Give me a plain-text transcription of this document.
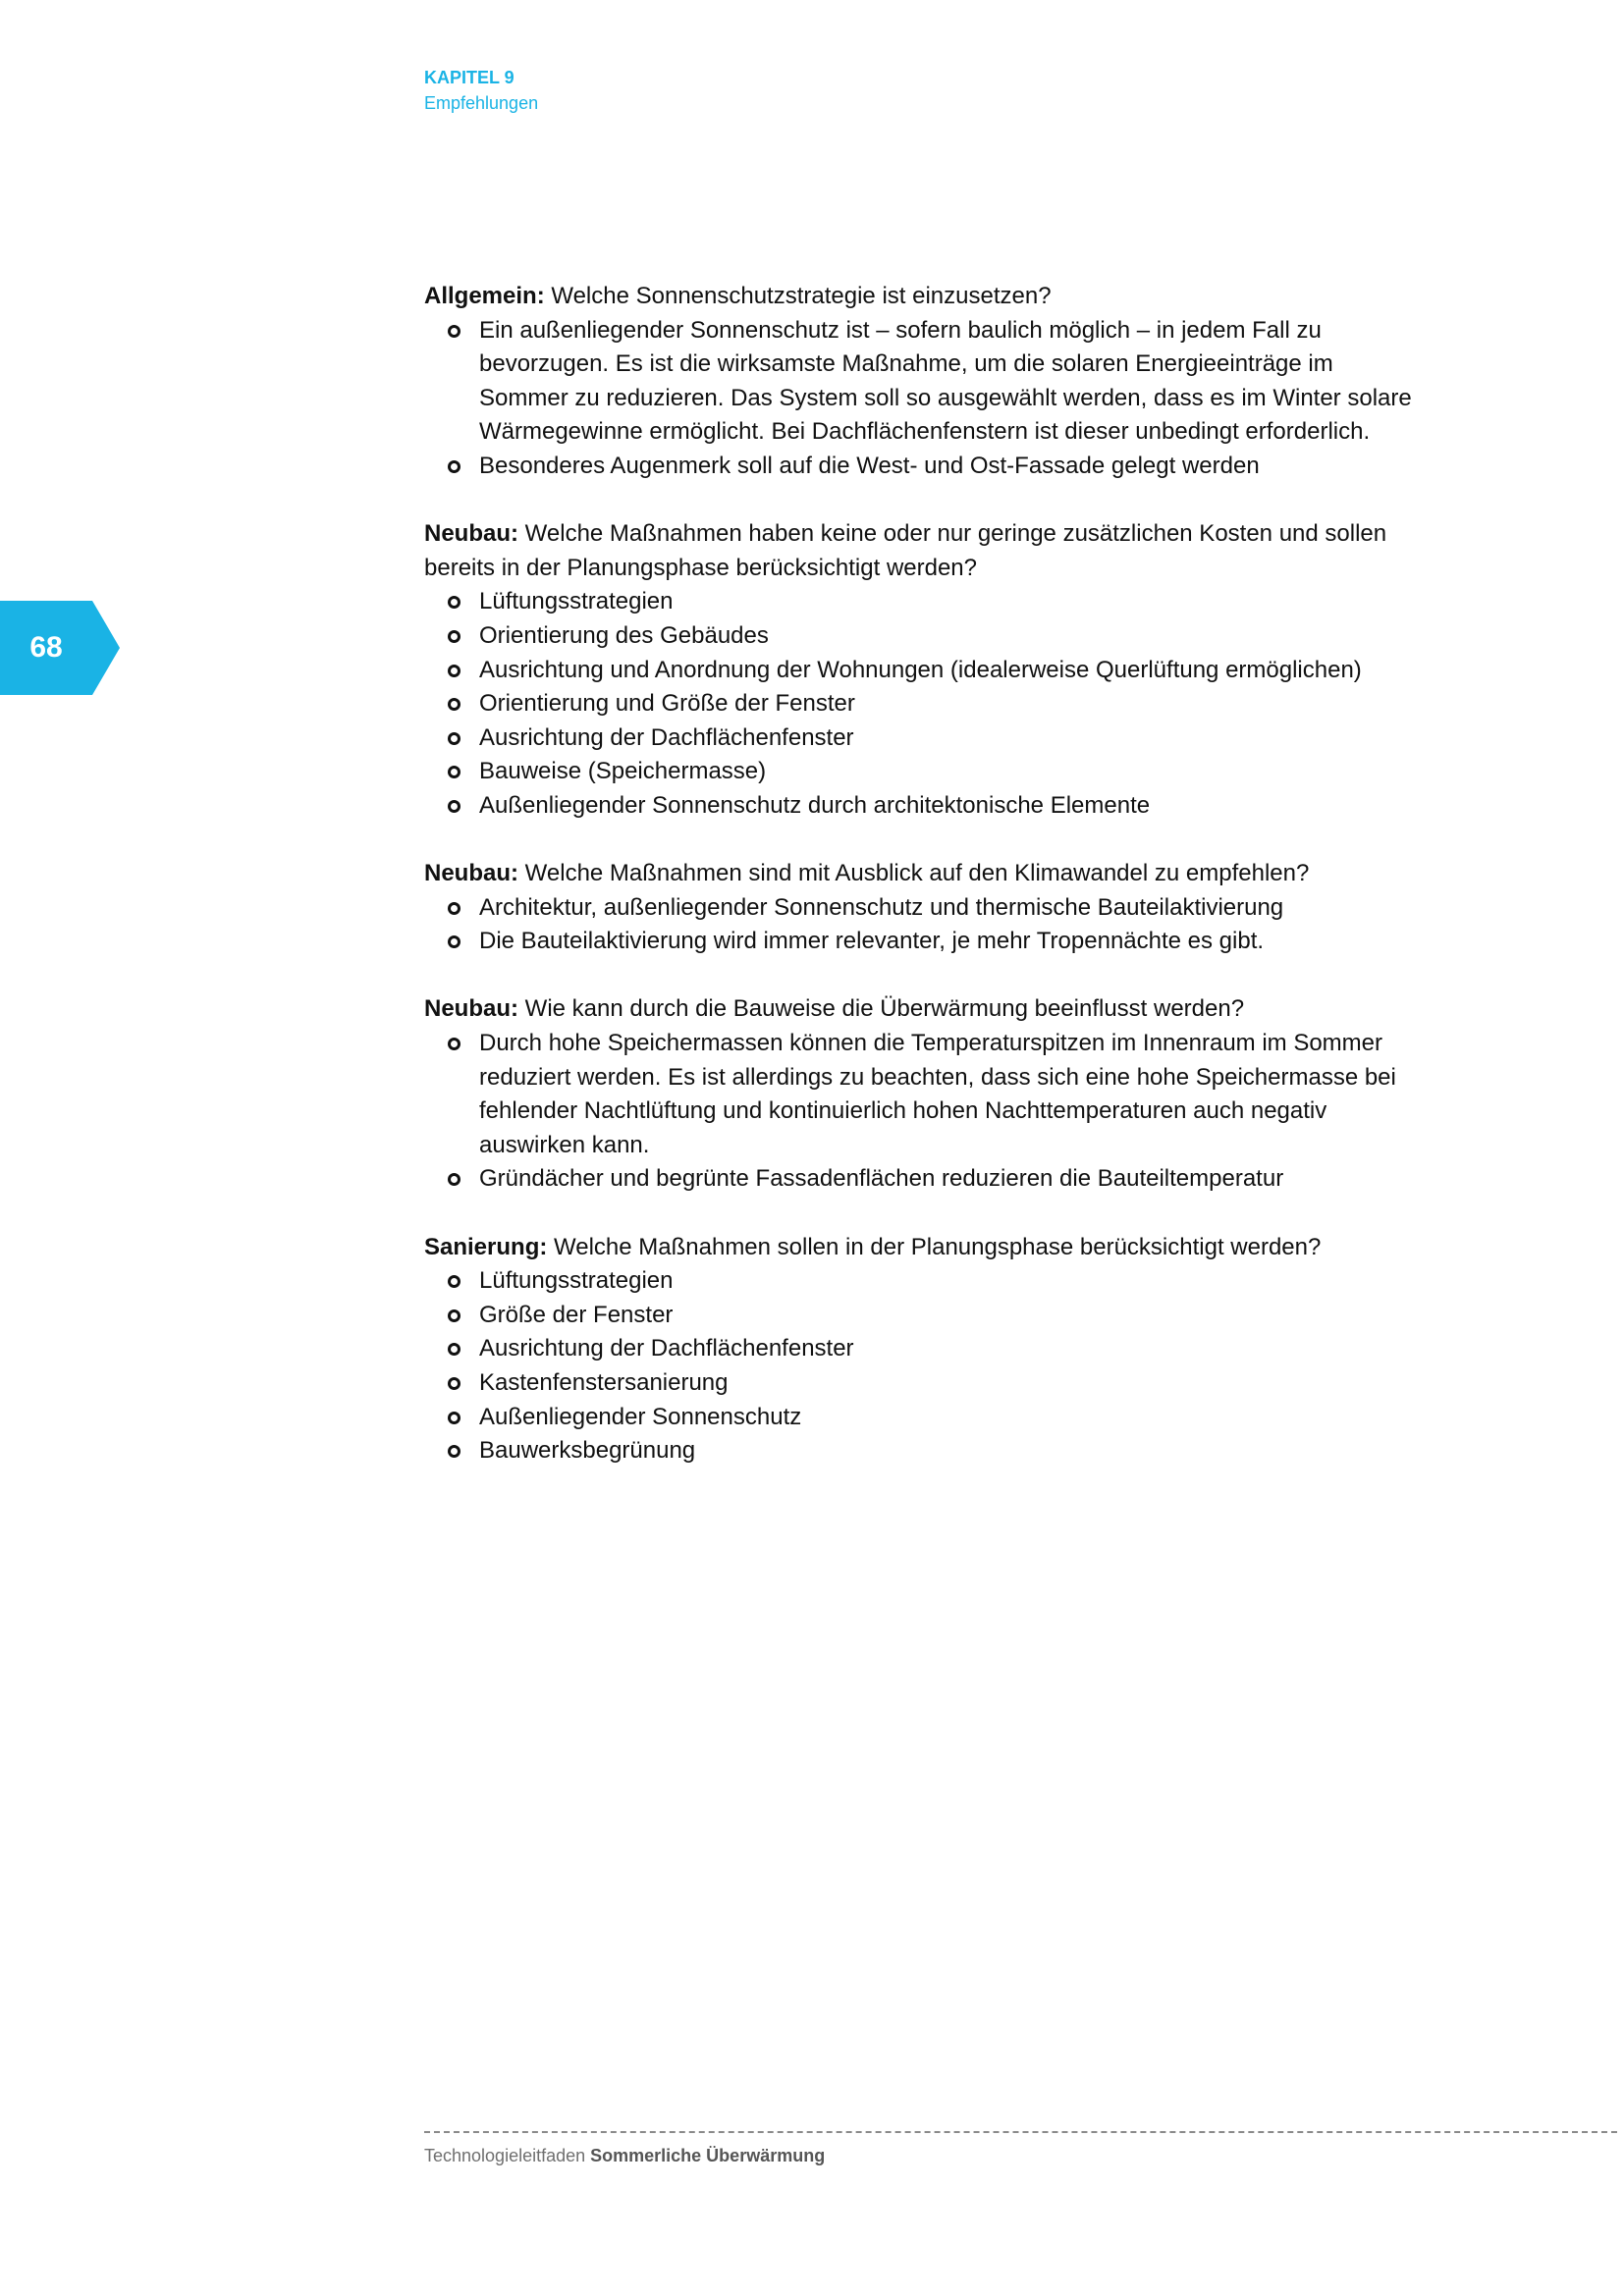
KAPITEL 9
Empfehlungen
68
Allgemein: Welche Sonnenschutzstrategie ist einzusetzen?
Ein außenliegender Sonnenschutz ist – sofern baulich möglich – in jedem Fall zu bevorzugen. Es ist die wirksamste Maßnahme, um die solaren Energieeinträge im Sommer zu reduzieren. Das System soll so ausgewählt werden, dass es im Winter solare Wärmegewinne ermöglicht. Bei Dachflächenfenstern ist dieser unbedingt erforderlich.
Besonderes Augenmerk soll auf die West- und Ost-Fassade gelegt werden
Neubau: Welche Maßnahmen haben keine oder nur geringe zusätzlichen Kosten und sollen bereits in der Planungsphase berücksichtigt werden?
Lüftungsstrategien
Orientierung des Gebäudes
Ausrichtung und Anordnung der Wohnungen (idealerweise Querlüftung ermöglichen)
Orientierung und Größe der Fenster
Ausrichtung der Dachflächenfenster
Bauweise (Speichermasse)
Außenliegender Sonnenschutz durch architektonische Elemente
Neubau: Welche Maßnahmen sind mit Ausblick auf den Klimawandel zu empfehlen?
Architektur, außenliegender Sonnenschutz und thermische Bauteilaktivierung
Die Bauteilaktivierung wird immer relevanter, je mehr Tropennächte es gibt.
Neubau: Wie kann durch die Bauweise die Überwärmung beeinflusst werden?
Durch hohe Speichermassen können die Temperaturspitzen im Innenraum im Sommer reduziert werden. Es ist allerdings zu beachten, dass sich eine hohe Speichermasse bei fehlender Nachtlüftung und kontinuierlich hohen Nachttemperaturen auch negativ auswirken kann.
Gründächer und begrünte Fassadenflächen reduzieren die Bauteiltemperatur
Sanierung: Welche Maßnahmen sollen in der Planungsphase berücksichtigt werden?
Lüftungsstrategien
Größe der Fenster
Ausrichtung der Dachflächenfenster
Kastenfenstersanierung
Außenliegender Sonnenschutz
Bauwerksbegrünung
Technologieleitfaden Sommerliche Überwärmung
